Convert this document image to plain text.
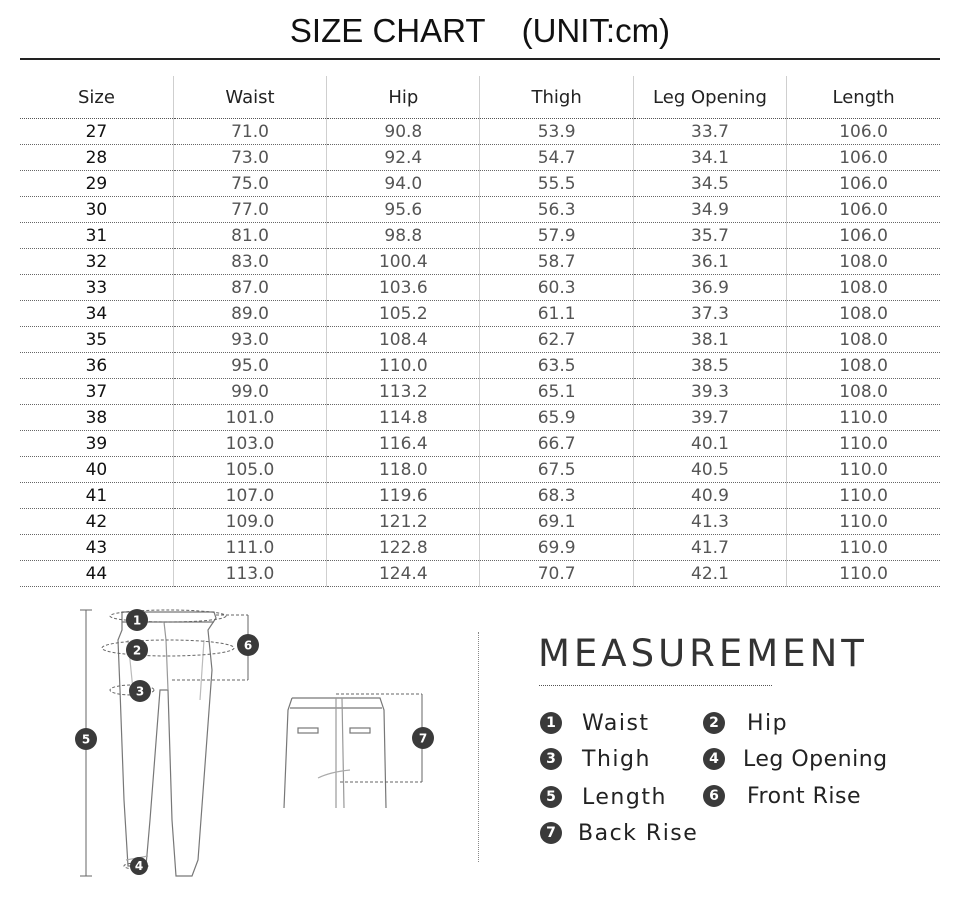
SIZE CHART    (UNIT:cm)
Size	Waist	Hip	Thigh	Leg Opening	Length
27	71.0	90.8	53.9	33.7	106.0
28	73.0	92.4	54.7	34.1	106.0
29	75.0	94.0	55.5	34.5	106.0
30	77.0	95.6	56.3	34.9	106.0
31	81.0	98.8	57.9	35.7	106.0
32	83.0	100.4	58.7	36.1	108.0
33	87.0	103.6	60.3	36.9	108.0
34	89.0	105.2	61.1	37.3	108.0
35	93.0	108.4	62.7	38.1	108.0
36	95.0	110.0	63.5	38.5	108.0
37	99.0	113.2	65.1	39.3	108.0
38	101.0	114.8	65.9	39.7	110.0
39	103.0	116.4	66.7	40.1	110.0
40	105.0	118.0	67.5	40.5	110.0
41	107.0	119.6	68.3	40.9	110.0
42	109.0	121.2	69.1	41.3	110.0
43	111.0	122.8	69.9	41.7	110.0
44	113.0	124.4	70.7	42.1	110.0
1
2
3
4
5
6
7
MEASUREMENT
1 Waist	2 Hip
3 Thigh	4 Leg Opening
5 Length	6 Front Rise
7 Back Rise
